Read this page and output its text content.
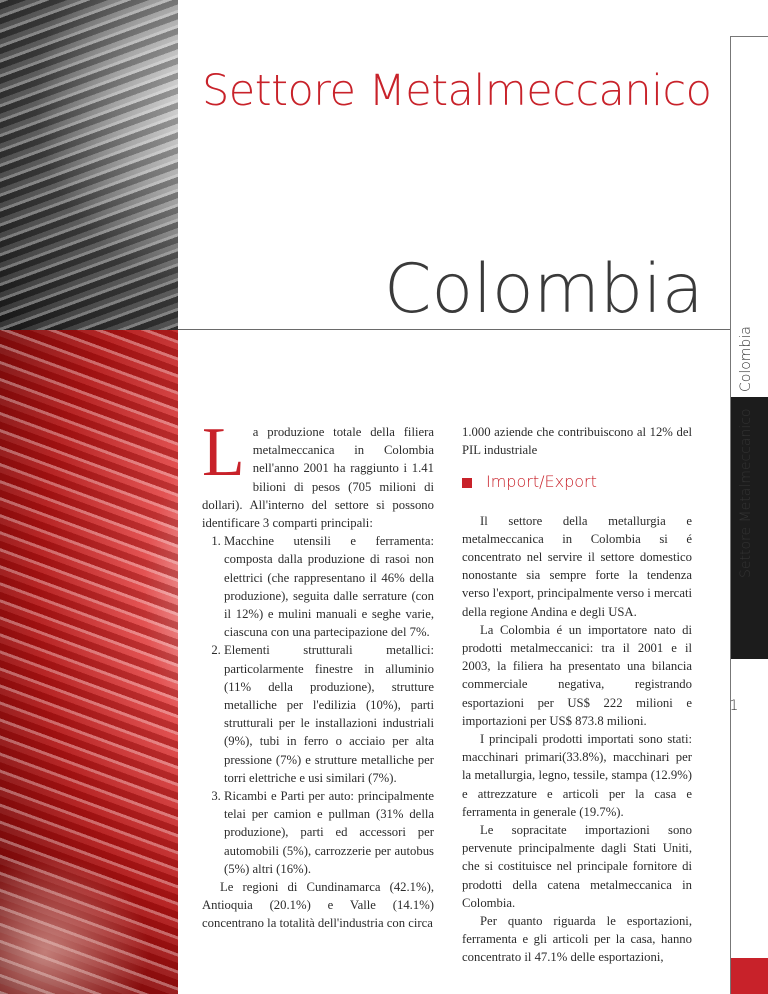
Settore Metalmeccanico
Colombia
Colombia
Settore Metalmeccanico
1

La produzione totale della filiera metalmeccanica in Colombia nell'anno 2001 ha raggiunto i 1.41 bilioni di pesos (705 milioni di dollari). All'interno del settore si possono identificare 3 comparti principali:

1. Macchine utensili e ferramenta: composta dalla produzione di rasoi non elettrici (che rappresentano il 46% della produzione), seguita dalle serrature (con il 12%) e mulini manuali e seghe varie, ciascuna con una partecipazione del 7%.
2. Elementi strutturali metallici: particolarmente finestre in alluminio (11% della produzione), strutture metalliche per l'edilizia (10%), parti strutturali per le installazioni industriali (9%), tubi in ferro o acciaio per alta pressione (7%) e strutture metalliche per torri elettriche e usi similari (7%).
3. Ricambi e Parti per auto: principalmente telai per camion e pullman (31% della produzione), parti ed accessori per automobili (5%), carrozzerie per autobus (5%) altri (16%).

Le regioni di Cundinamarca (42.1%), Antioquia (20.1%) e Valle (14.1%) concentrano la totalità dell'industria con circa

1.000 aziende che contribuiscono al 12% del PIL industriale

Import/Export

Il settore della metallurgia e metalmeccanica in Colombia si é concentrato nel servire il settore domestico nonostante sia sempre forte la tendenza verso l'export, principalmente verso i mercati della regione Andina e degli USA.

La Colombia é un importatore nato di prodotti metalmeccanici: tra il 2001 e il 2003, la filiera ha presentato una bilancia commerciale negativa, registrando esportazioni per US$ 222 milioni e importazioni per US$ 873.8 milioni.

I principali prodotti importati sono stati: macchinari primari(33.8%), macchinari per la metallurgia, legno, tessile, stampa (12.9%) e attrezzature e articoli per la casa e ferramenta in generale (19.7%).

Le sopracitate importazioni sono pervenute principalmente dagli Stati Uniti, che si costituisce nel principale fornitore di prodotti della catena metalmeccanica in Colombia.

Per quanto riguarda le esportazioni, ferramenta e gli articoli per la casa, hanno concentrato il 47.1% delle esportazioni,
